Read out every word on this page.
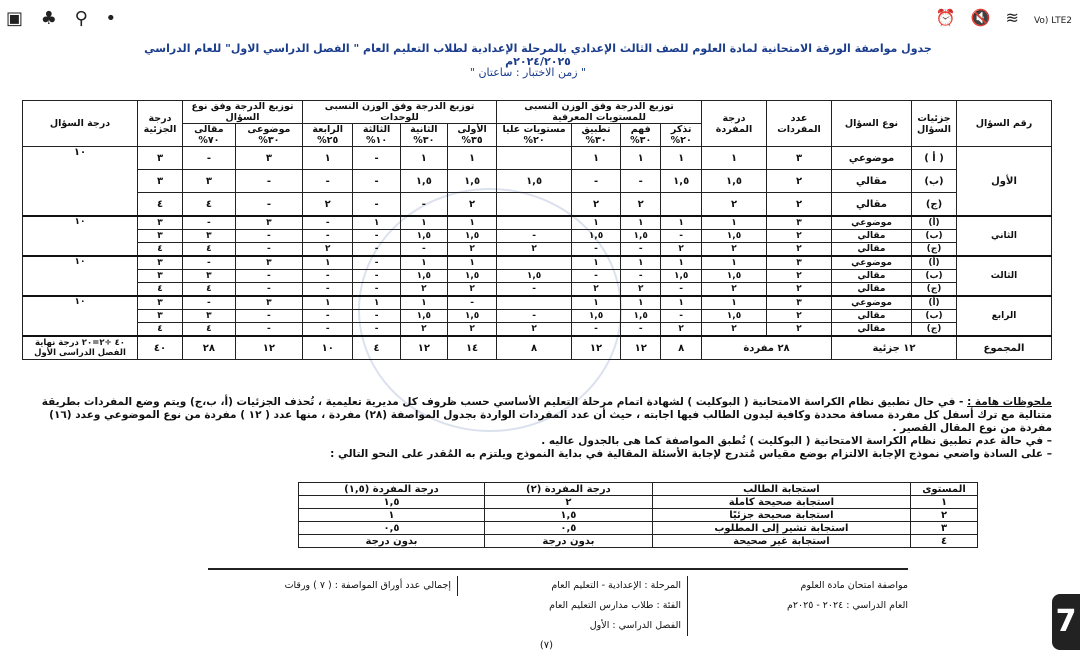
▣ ♣ ⚲ •	⏰ 🔇 ≋ Vo) LTE2
جدول مواصفة الورقة الامتحانية لمادة العلوم للصف الثالث الإعدادي بالمرحلة الإعدادية لطلاب التعليم العام " الفصل الدراسي الاول" للعام الدراسي ٢٠٢٤/٢٠٢٥م
" زمن الاختبار : ساعتان "
رقم السؤال	جزئيات السؤال	نوع السؤال	عدد المفردات	درجة المفردة	توزيع الدرجة وفق الوزن النسبى للمستويات المعرفية				توزيع الدرجة وفق الوزن النسبى للوحدات				توزيع الدرجة وفق نوع السؤال		درجة الجزئية	درجة السؤال
					تذكر ٢٠%	فهم ٣٠%	تطبيق ٣٠%	مستويات عليا ٢٠%	الأولى ٣٥%	الثانية ٣٠%	الثالثة ١٠%	الرابعة ٢٥%	موضوعى ٣٠%	مقالى ٧٠%		
الأول	( أ )	موضوعي	٣	١	١	١	١		١	١	-	١	٣	-	٣	١٠
	(ب)	مقالي	٢	١,٥	١,٥	-	-	١,٥	١,٥	١,٥	-	-	-	٣	٣	
	(ج)	مقالي	٢	٢		٢	٢		٢	-	-	٢	-	٤	٤	
الثاني	(أ)	موضوعي	٣	١	١	١	١		١	١	١	-	٣	-	٣	١٠
	(ب)	مقالي	٢	١,٥	-	١,٥	١,٥	-	١,٥	١,٥	-	-	-	٣	٣	
	(ج)	مقالي	٢	٢	٢	-	-	٢	٢	-	-	٢	-	٤	٤	
الثالث	(أ)	موضوعي	٣	١	١	١	١		١	١	-	١	٣	-	٣	١٠
	(ب)	مقالي	٢	١,٥	١,٥	-	-	١,٥	١,٥	١,٥	-	-	-	٣	٣	
	(ج)	مقالي	٢	٢	-	٢	٢	-	٢	٢	-	-	-	٤	٤	
الرابع	(أ)	موضوعي	٣	١	١	١	١		-	١	١	١	٣	-	٣	١٠
	(ب)	مقالي	٢	١,٥	-	١,٥	١,٥	-	١,٥	١,٥	-	-	-	٣	٣	
	(ج)	مقالي	٢	٢	٢	-	-	٢	٢	٢	-	-	-	٤	٤	
المجموع	١٢ جزئية		٢٨ مفردة		٨	١٢	١٢	٨	١٤	١٢	٤	١٠	١٢	٢٨	٤٠	٤٠ ÷٢=٢٠ درجة نهاية الفصل الدراسى الأول

ملحوظات هامة : - في حال تطبيق نظام الكراسة الامتحانية ( البوكليت ) لشهادة اتمام مرحلة التعليم الأساسي حسب ظروف كل مديرية تعليمية ، تُحذف الجزئيات (أ، ب،ج) ويتم وضع المفردات بطريقة متتالية مع ترك أسفل كل مفردة مسافة محددة وكافية ليدون الطالب فيها اجابته ، حيث أن عدد المفردات الواردة بجدول المواصفة (٢٨) مفردة ، منها عدد ( ١٢ ) مفردة من نوع الموضوعي وعدد (١٦) مفردة من نوع المقال القصير .

– في حالة عدم تطبيق نظام الكراسة الامتحانية ( البوكليت ) تُطبق المواصفة كما هى بالجدول عاليه .

– على السادة واضعي نموذج الإجابة الالتزام بوضع مقياس مُتدرج لإجابة الأسئلة المقالية في بداية النموذج ويلتزم به المُقدر على النحو التالي :

المستوى	استجابة الطالب	درجة المفردة (٢)	درجة المفردة (١,٥)
١	استجابة صحيحة كاملة	٢	١,٥
٢	استجابة صحيحة جزئيًا	١,٥	١
٣	استجابة تشير إلى المطلوب	٠,٥	٠,٥
٤	استجابة غير صحيحة	بدون درجة	بدون درجة
مواصفة امتحان مادة العلوم
العام الدراسي : ٢٠٢٤ - ٢٠٢٥م
المرحلة : الإعدادية - التعليم العام
الفئة : طلاب مدارس التعليم العام
الفصل الدراسي : الأول
إجمالي عدد أوراق المواصفة : ( ٧ ) ورقات
(٧)
7
